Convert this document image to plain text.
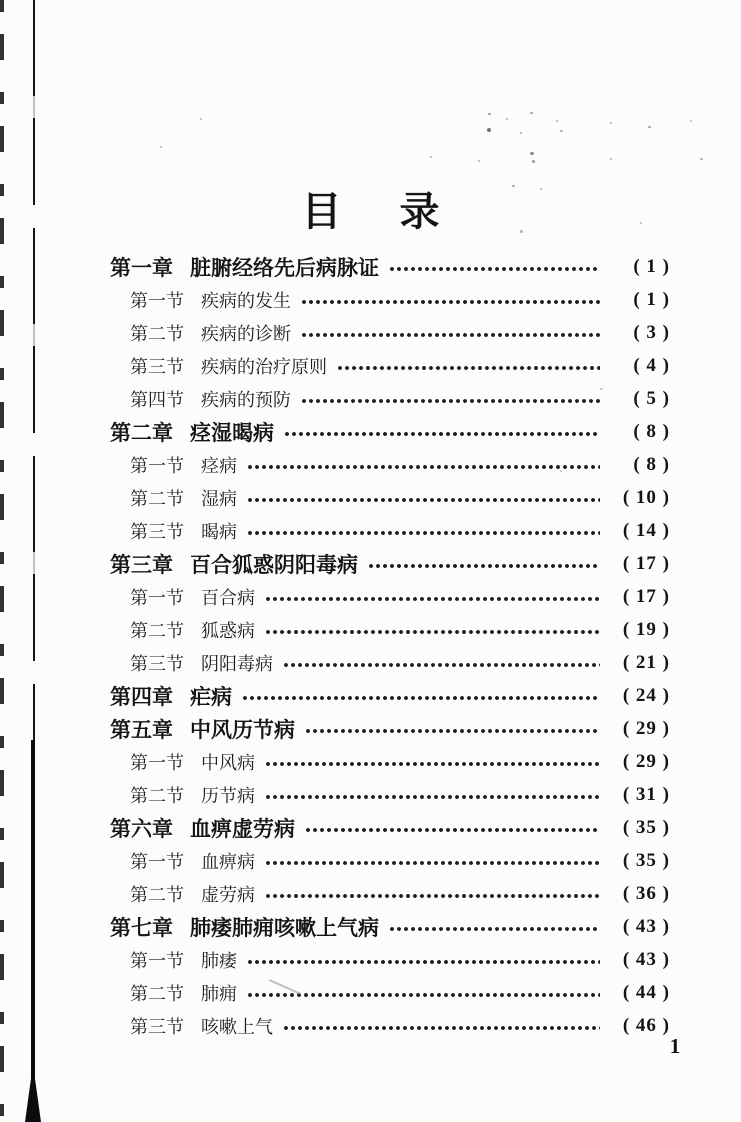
目　录
第一章 脏腑经络先后病脉证	( 1 )
第一节 疾病的发生	( 1 )
第二节 疾病的诊断	( 3 )
第三节 疾病的治疗原则	( 4 )
第四节 疾病的预防	( 5 )
第二章 痉湿暍病	( 8 )
第一节 痉病	( 8 )
第二节 湿病	( 10 )
第三节 暍病	( 14 )
第三章 百合狐惑阴阳毒病	( 17 )
第一节 百合病	( 17 )
第二节 狐惑病	( 19 )
第三节 阴阳毒病	( 21 )
第四章 疟病	( 24 )
第五章 中风历节病	( 29 )
第一节 中风病	( 29 )
第二节 历节病	( 31 )
第六章 血痹虚劳病	( 35 )
第一节 血痹病	( 35 )
第二节 虚劳病	( 36 )
第七章 肺痿肺痈咳嗽上气病	( 43 )
第一节 肺痿	( 43 )
第二节 肺痈	( 44 )
第三节 咳嗽上气	( 46 )
1
